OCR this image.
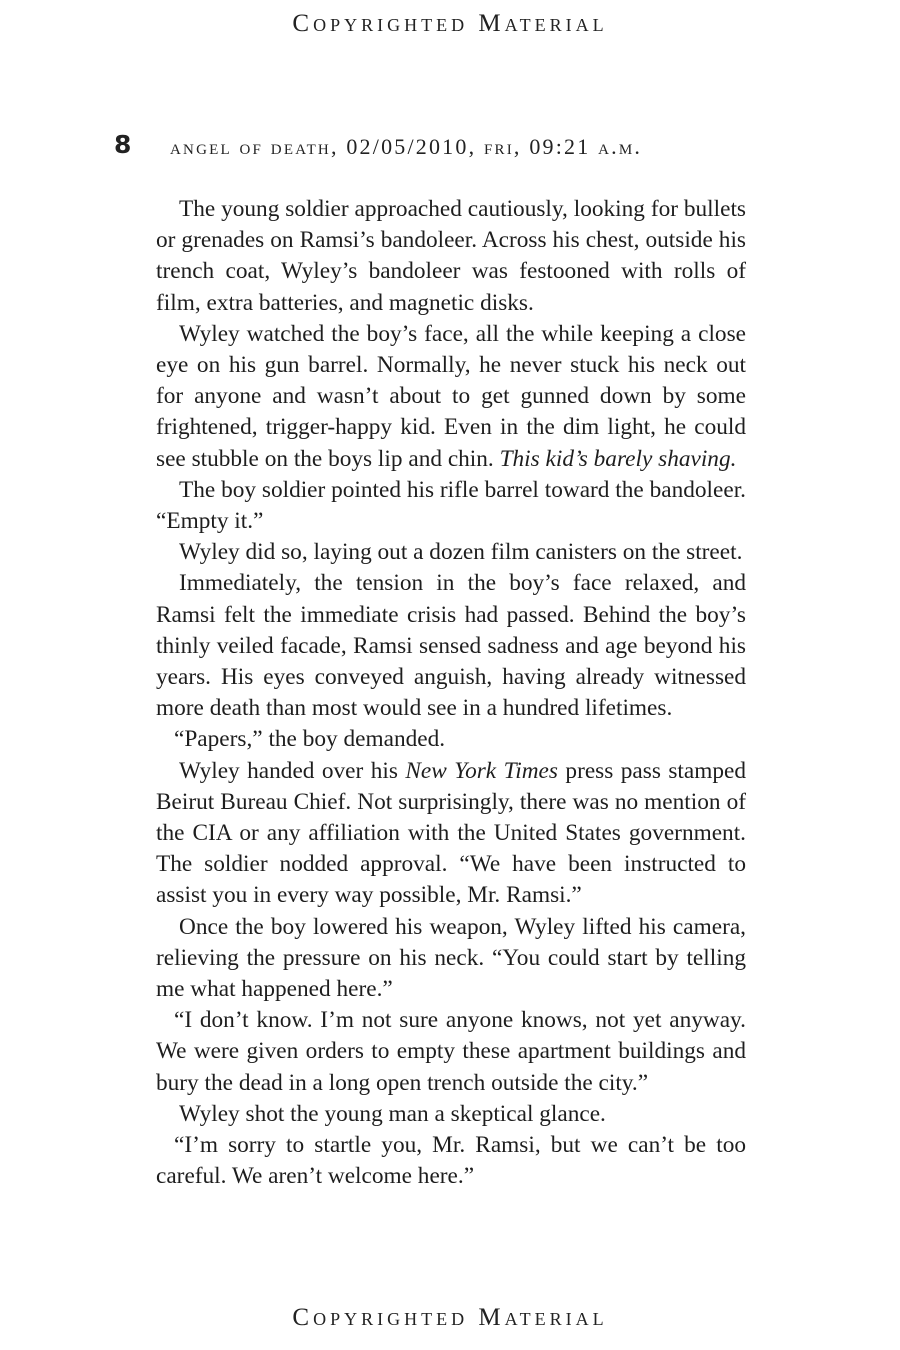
Copyrighted Material
8 angel of death, 02/05/2010, fri, 09:21 a.m.

The young soldier approached cautiously, looking for bullets or grenades on Ramsi’s bandoleer. Across his chest, outside his trench coat, Wyley’s bandoleer was festooned with rolls of film, extra batteries, and magnetic disks.

Wyley watched the boy’s face, all the while keeping a close eye on his gun barrel. Normally, he never stuck his neck out for anyone and wasn’t about to get gunned down by some frightened, trigger-happy kid. Even in the dim light, he could see stubble on the boys lip and chin. This kid’s barely shaving.

The boy soldier pointed his rifle barrel toward the bandoleer. “Empty it.”

Wyley did so, laying out a dozen film canisters on the street.

Immediately, the tension in the boy’s face relaxed, and Ramsi felt the immediate crisis had passed. Behind the boy’s thinly veiled facade, Ramsi sensed sadness and age beyond his years. His eyes conveyed anguish, having already witnessed more death than most would see in a hundred lifetimes.

“Papers,” the boy demanded.

Wyley handed over his New York Times press pass stamped Beirut Bureau Chief. Not surprisingly, there was no mention of the CIA or any affiliation with the United States government. The soldier nodded approval. “We have been instructed to assist you in every way possible, Mr. Ramsi.”

Once the boy lowered his weapon, Wyley lifted his camera, relieving the pressure on his neck. “You could start by telling me what happened here.”

“I don’t know. I’m not sure anyone knows, not yet anyway. We were given orders to empty these apartment buildings and bury the dead in a long open trench outside the city.”

Wyley shot the young man a skeptical glance.

“I’m sorry to startle you, Mr. Ramsi, but we can’t be too careful. We aren’t welcome here.”

Copyrighted Material
